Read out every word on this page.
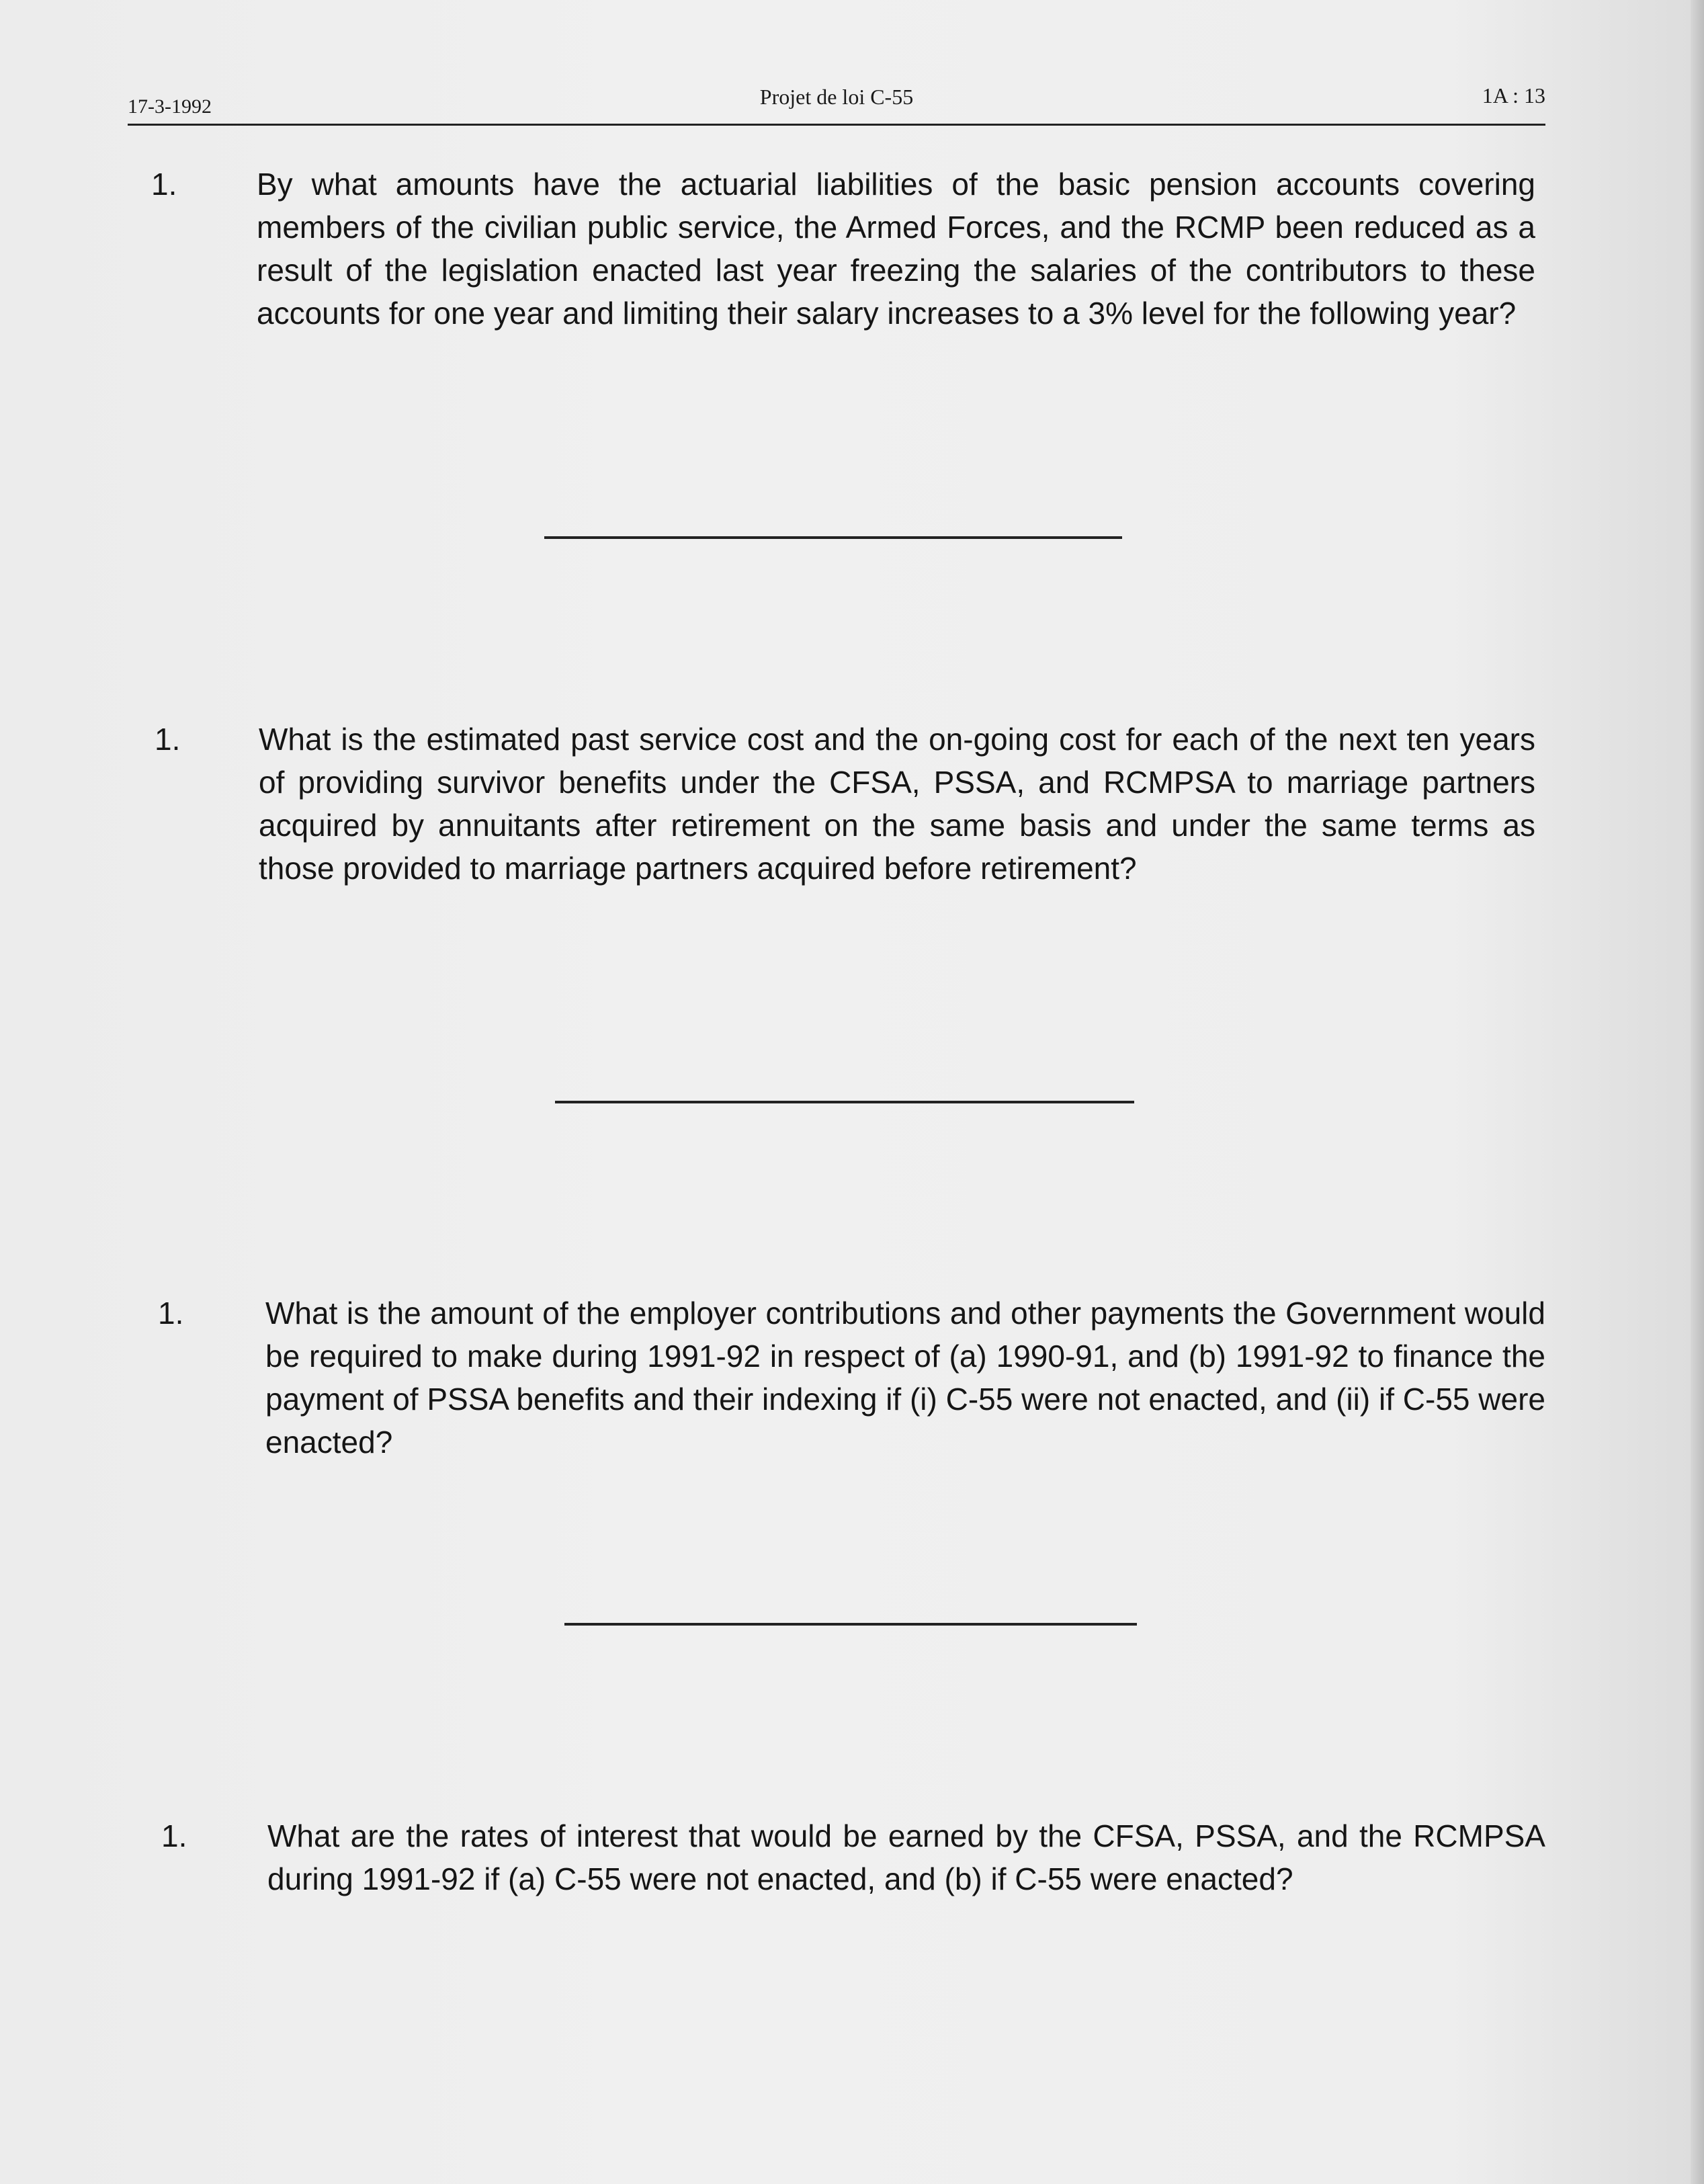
17-3-1992	Projet de loi C-55	1A : 13
1.	By what amounts have the actuarial liabilities of the basic pension accounts covering members of the civilian public service, the Armed Forces, and the RCMP been reduced as a result of the legislation enacted last year freezing the salaries of the contributors to these accounts for one year and limiting their salary increases to a 3% level for the following year?
1.	What is the estimated past service cost and the on-going cost for each of the next ten years of providing survivor benefits under the CFSA, PSSA, and RCMPSA to marriage partners acquired by annuitants after retirement on the same basis and under the same terms as those provided to marriage partners acquired before retirement?
1.	What is the amount of the employer contributions and other payments the Government would be required to make during 1991-92 in respect of (a) 1990-91, and (b) 1991-92 to finance the payment of PSSA benefits and their indexing if (i) C-55 were not enacted, and (ii) if C-55 were enacted?
1.	What are the rates of interest that would be earned by the CFSA, PSSA, and the RCMPSA during 1991-92 if (a) C-55 were not enacted, and (b) if C-55 were enacted?
